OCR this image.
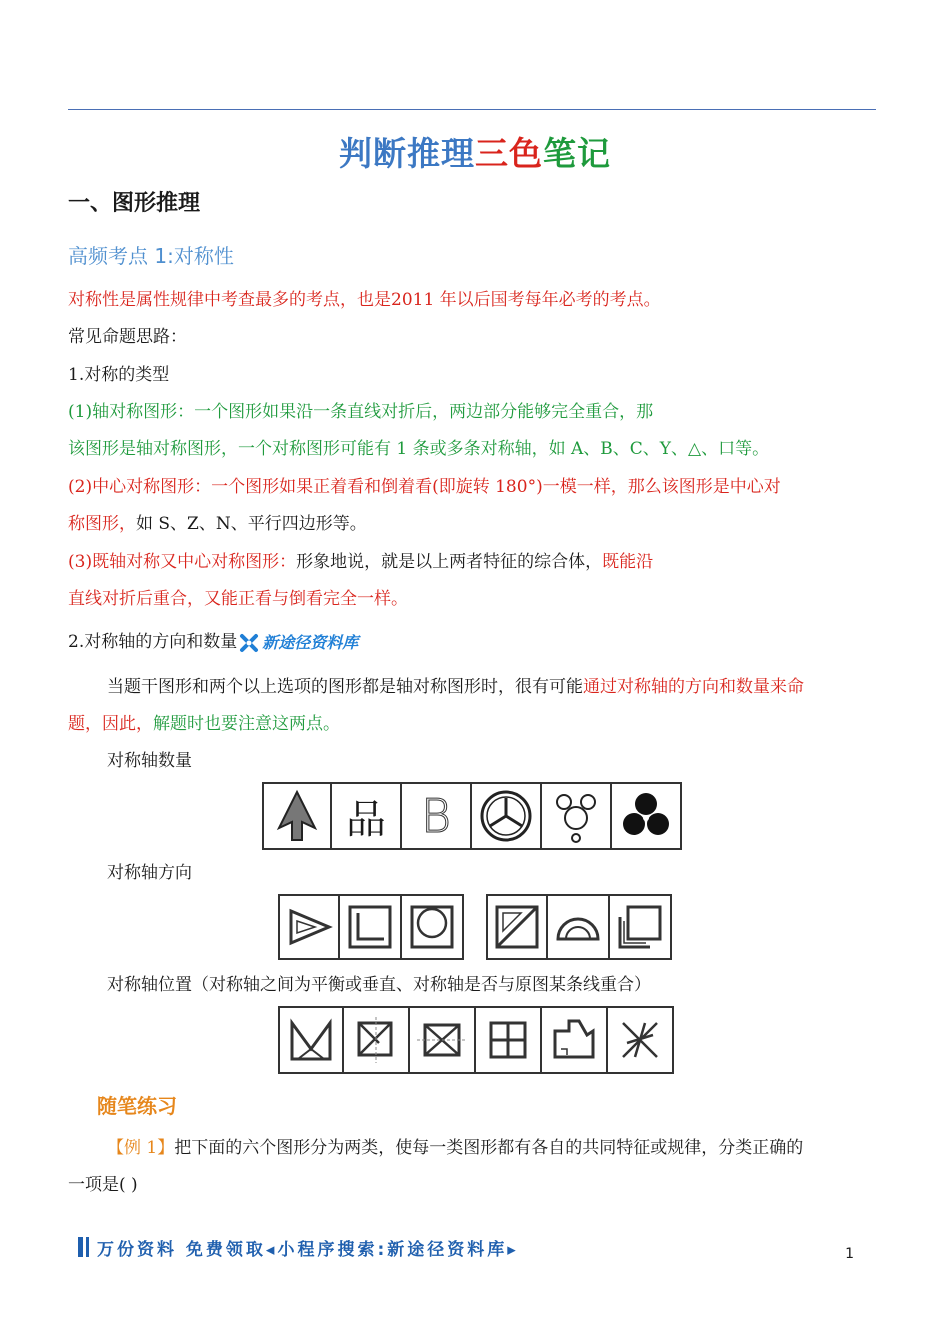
判断推理三色笔记
一、图形推理
高频考点 1:对称性
对称性是属性规律中考查最多的考点，也是2011 年以后国考每年必考的考点。
常见命题思路：
1.对称的类型
(1)轴对称图形：一个图形如果沿一条直线对折后，两边部分能够完全重合，那
该图形是轴对称图形，一个对称图形可能有 1 条或多条对称轴，如 A、B、C、Y、△、口等。
(2)中心对称图形：一个图形如果正着看和倒着看(即旋转 180°)一模一样，那么该图形是中心对
称图形，如 S、Z、N、平行四边形等。
(3)既轴对称又中心对称图形：形象地说，就是以上两者特征的综合体，既能沿
直线对折后重合，又能正看与倒看完全一样。
2.对称轴的方向和数量 新途径资料库
当题干图形和两个以上选项的图形都是轴对称图形时，很有可能通过对称轴的方向和数量来命
题，因此，解题时也要注意这两点。
对称轴数量
品 B
对称轴方向
对称轴位置（对称轴之间为平衡或垂直、对称轴是否与原图某条线重合）
随笔练习
【例 1】把下面的六个图形分为两类，使每一类图形都有各自的共同特征或规律，分类正确的
一项是( )
万份资料 免费领取◂小程序搜索:新途径资料库▸	1
